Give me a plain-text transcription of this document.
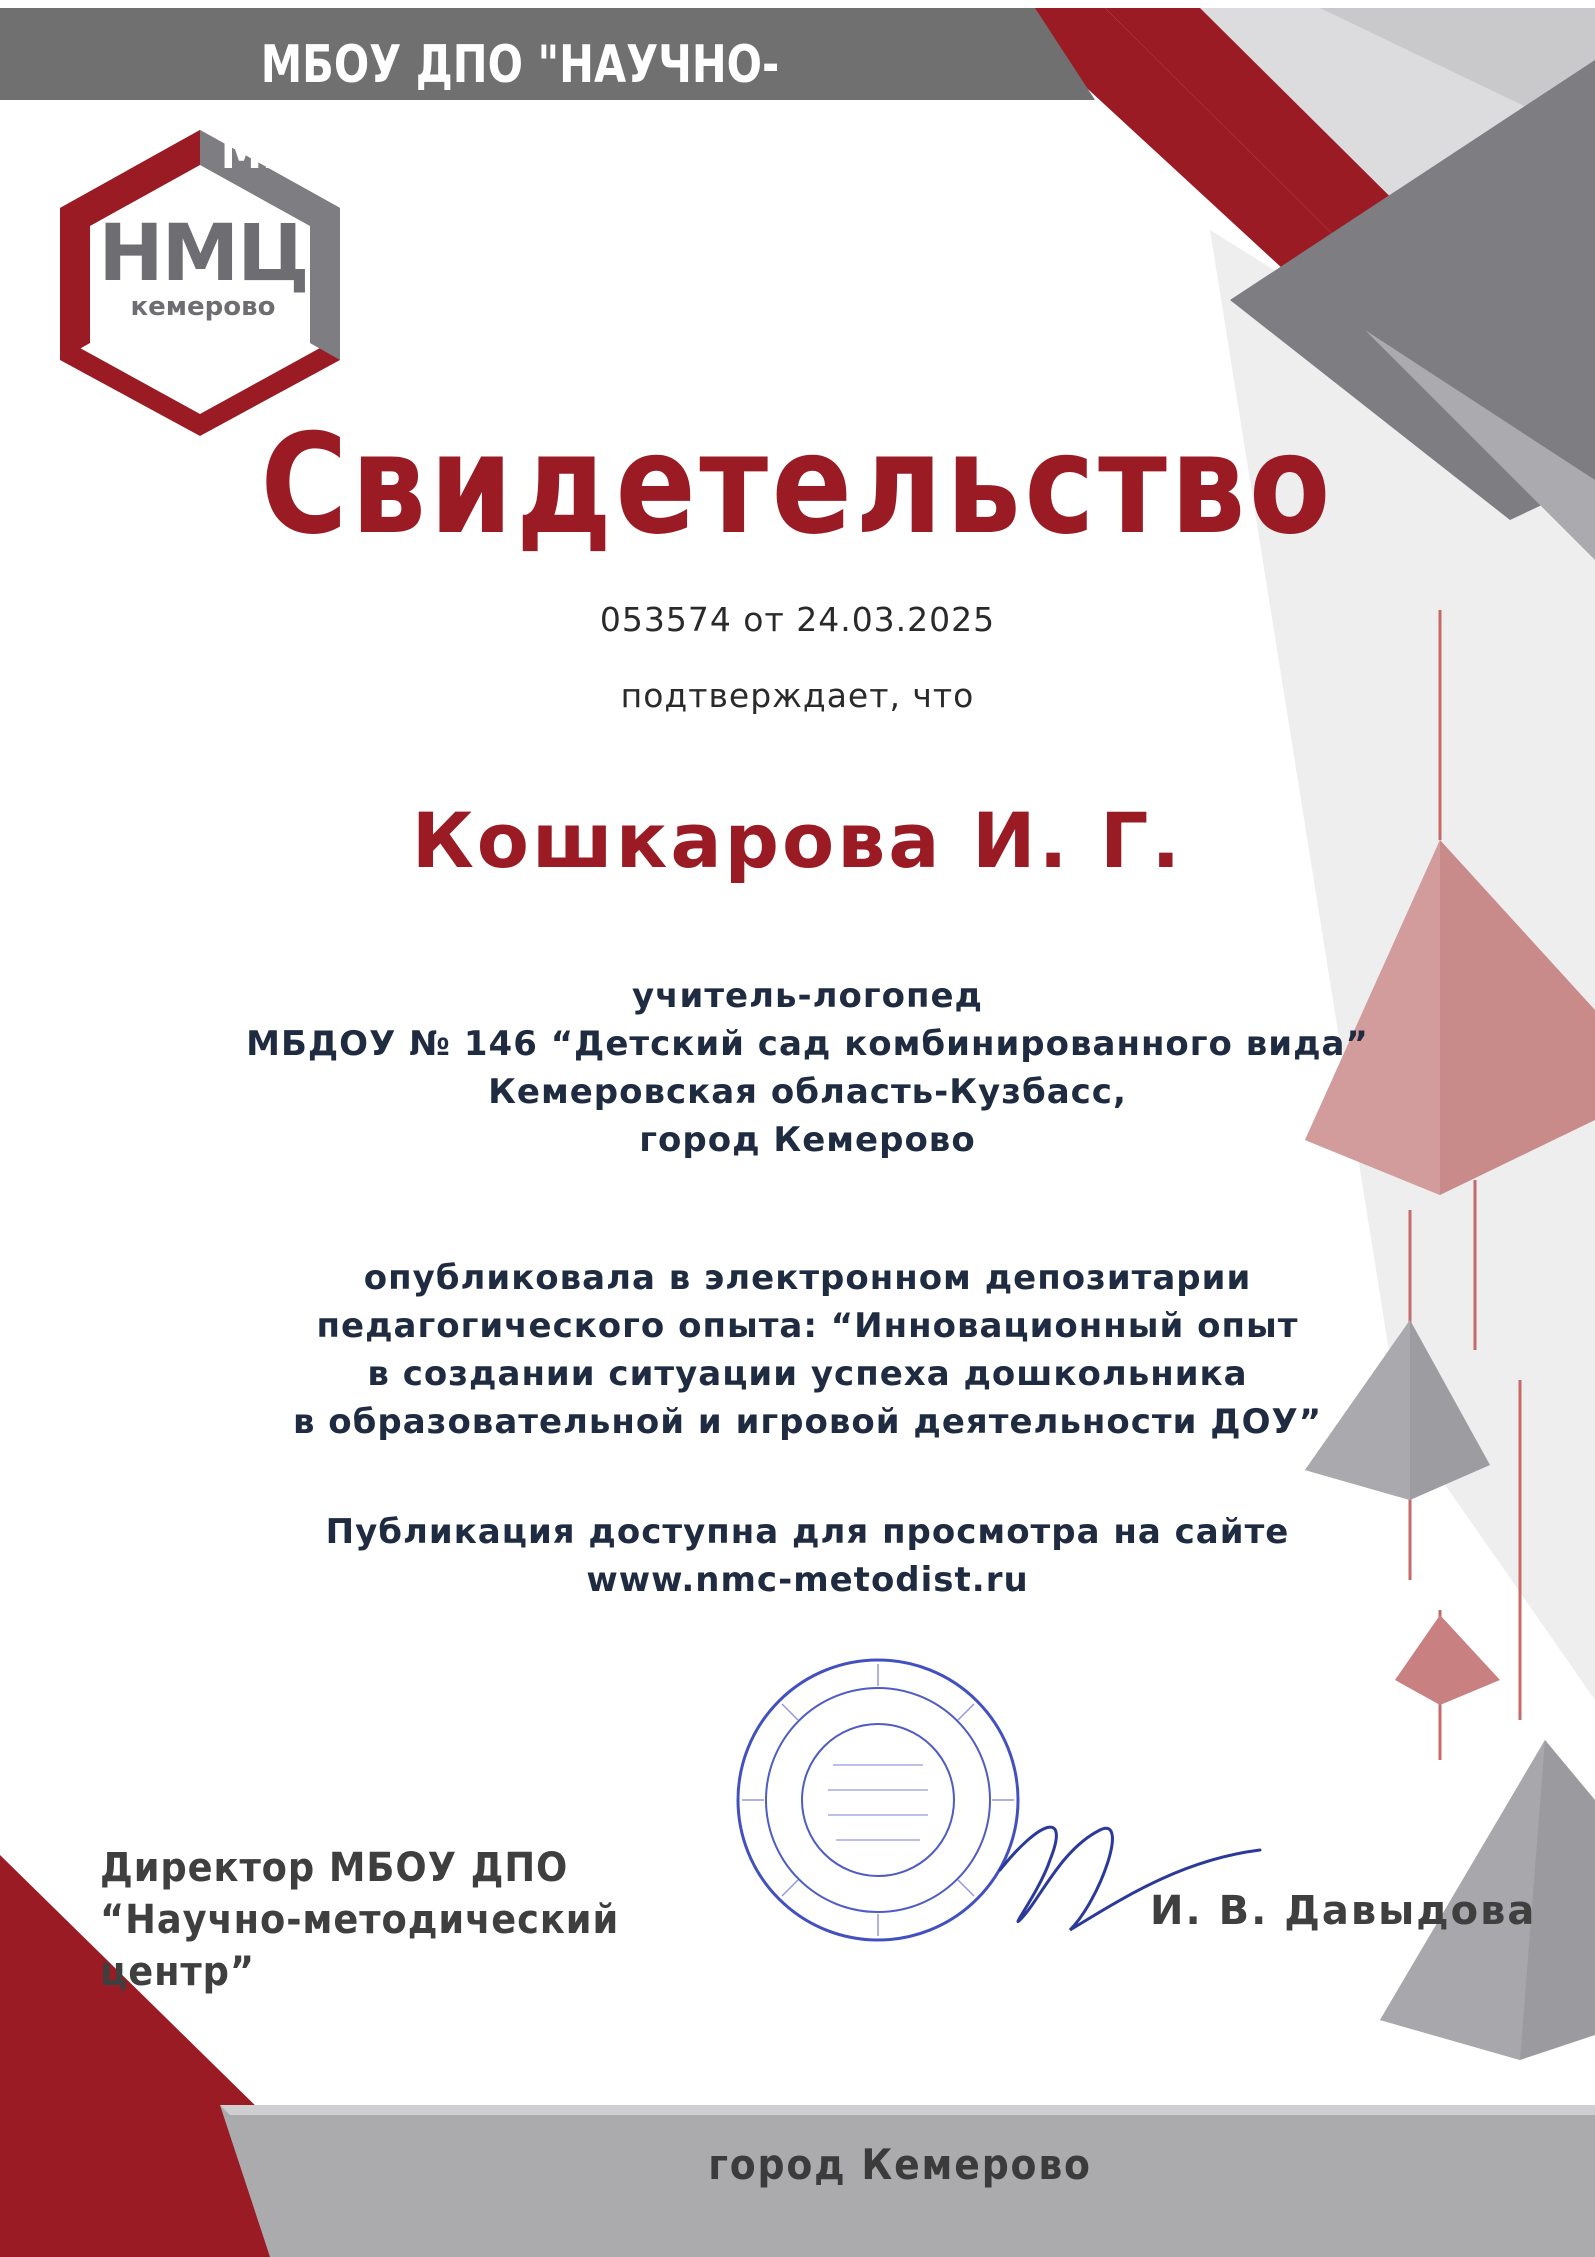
МБОУ ДПО "НАУЧНО-МЕТОДИЧЕСКИЙ ЦЕНТР"
НМЦ
кемерово
Свидетельство
053574 от 24.03.2025
подтверждает, что
Кошкарова И. Г.
учитель-логопед
МБДОУ № 146 “Детский сад комбинированного вида”
Кемеровская область-Кузбасс,
город Кемерово
опубликовала в электронном депозитарии
педагогического опыта: “Инновационный опыт
в создании ситуации успеха дошкольника
в образовательной и игровой деятельности ДОУ”
Публикация доступна для просмотра на сайте
www.nmc-metodist.ru
Директор МБОУ ДПО
“Научно-методический центр”
И. В. Давыдова
город Кемерово
